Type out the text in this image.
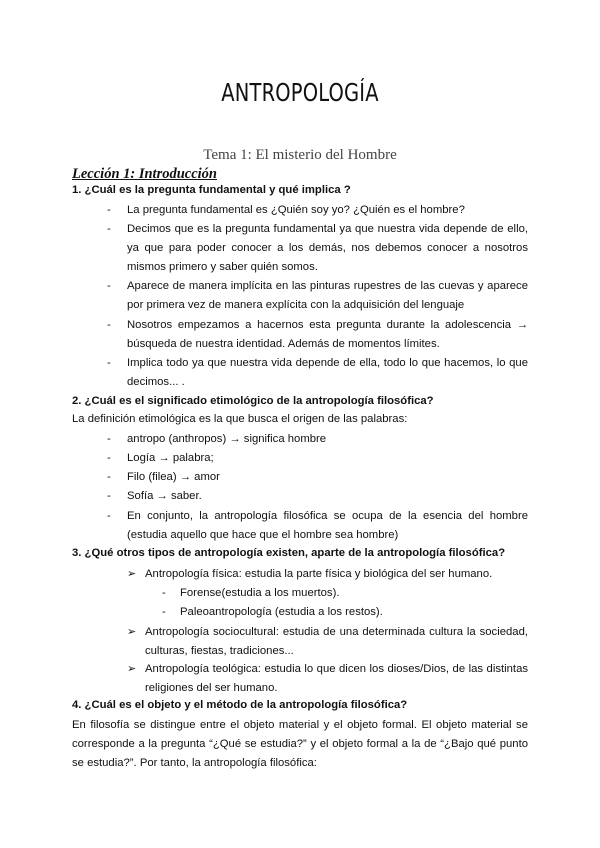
ANTROPOLOGÍA
Tema 1: El misterio del Hombre
Lección 1: Introducción
1. ¿Cuál es la pregunta fundamental y qué implica ?
- La pregunta fundamental es ¿Quién soy yo? ¿Quién es el hombre?
- Decimos que es la pregunta fundamental ya que nuestra vida depende de ello, ya que para poder conocer a los demás, nos debemos conocer a nosotros mismos primero y saber quién somos.
- Aparece de manera implícita en las pinturas rupestres de las cuevas y aparece por primera vez de manera explícita con la adquisición del lenguaje
- Nosotros empezamos a hacernos esta pregunta durante la adolescencia → búsqueda de nuestra identidad. Además de momentos límites.
- Implica todo ya que nuestra vida depende de ella, todo lo que hacemos, lo que decimos... .
2. ¿Cuál es el significado etimológico de la antropología filosófica?
La definición etimológica es la que busca el origen de las palabras:
- antropo (anthropos) → significa hombre
- Logía → palabra;
- Filo (filea) → amor
- Sofía → saber.
- En conjunto, la antropología filosófica se ocupa de la esencia del hombre (estudia aquello que hace que el hombre sea hombre)
3. ¿Qué otros tipos de antropología existen, aparte de la antropología filosófica?
➢ Antropología física: estudia la parte física y biológica del ser humano.
- Forense(estudia a los muertos).
- Paleoantropología (estudia a los restos).
➢ Antropología sociocultural: estudia de una determinada cultura la sociedad, culturas, fiestas, tradiciones...
➢ Antropología teológica: estudia lo que dicen los dioses/Dios, de las distintas religiones del ser humano.
4. ¿Cuál es el objeto y el método de la antropología filosófica?
En filosofía se distingue entre el objeto material y el objeto formal. El objeto material se corresponde a la pregunta “¿Qué se estudia?” y el objeto formal a la de “¿Bajo qué punto se estudia?”. Por tanto, la antropología filosófica:
